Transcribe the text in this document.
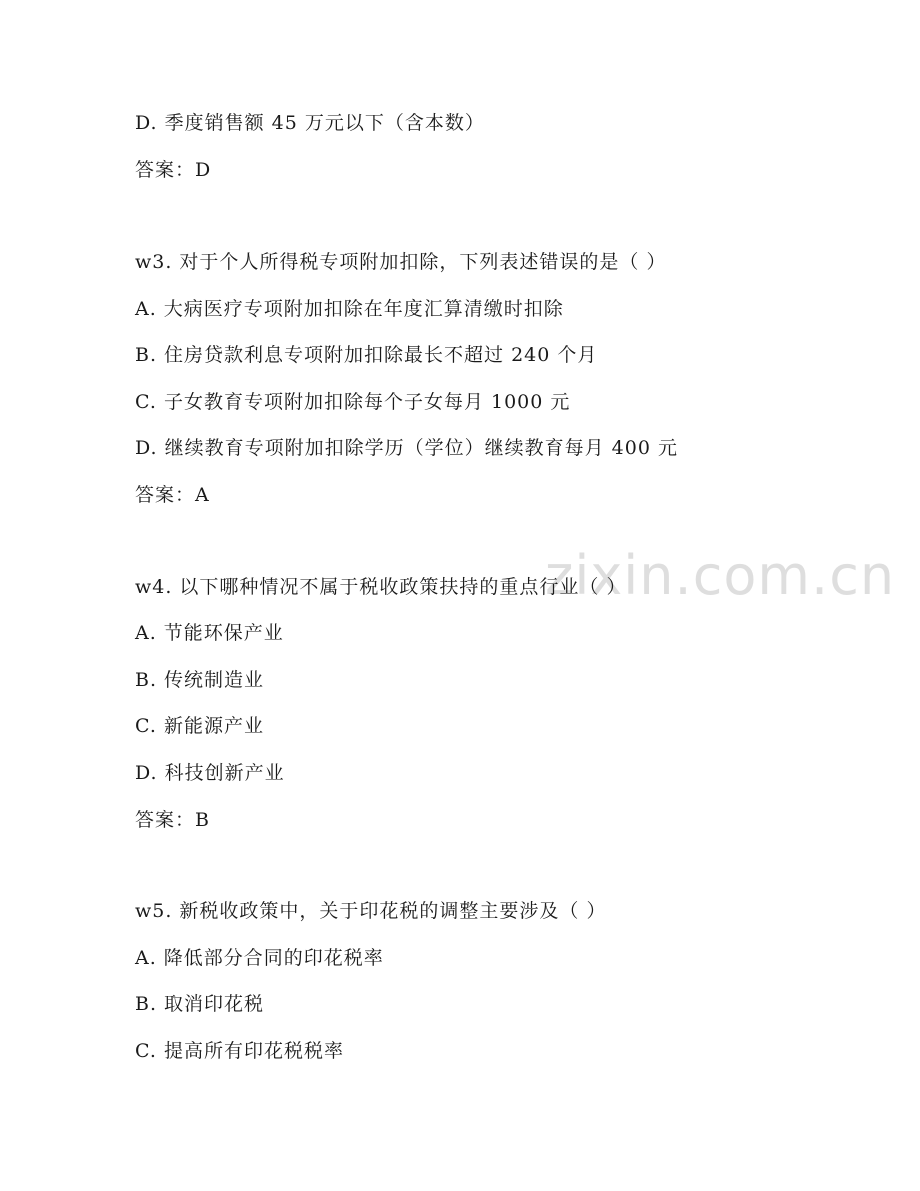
zixin.com.cn
D. 季度销售额 45 万元以下（含本数）
答案：D
w3. 对于个人所得税专项附加扣除，下列表述错误的是（ ）
A. 大病医疗专项附加扣除在年度汇算清缴时扣除
B. 住房贷款利息专项附加扣除最长不超过 240 个月
C. 子女教育专项附加扣除每个子女每月 1000 元
D. 继续教育专项附加扣除学历（学位）继续教育每月 400 元
答案：A
w4. 以下哪种情况不属于税收政策扶持的重点行业（ ）
A. 节能环保产业
B. 传统制造业
C. 新能源产业
D. 科技创新产业
答案：B
w5. 新税收政策中，关于印花税的调整主要涉及（ ）
A. 降低部分合同的印花税率
B. 取消印花税
C. 提高所有印花税税率
